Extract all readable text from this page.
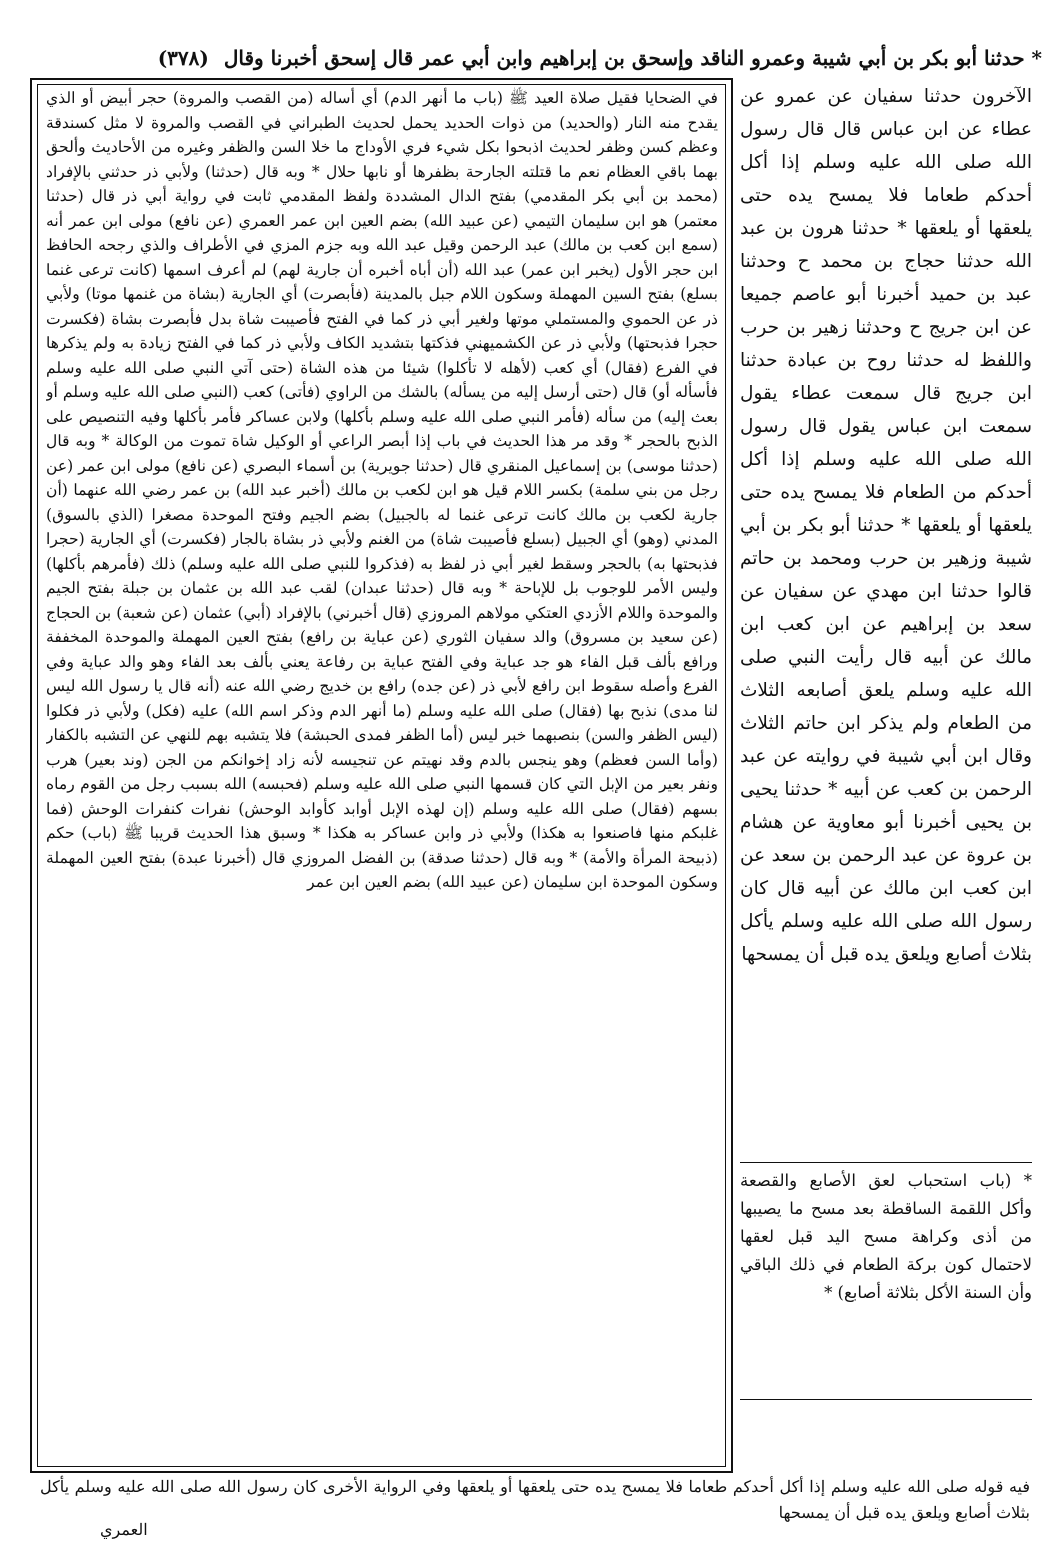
* حدثنا أبو بكر بن أبي شيبة وعمرو الناقد وإسحق بن إبراهيم وابن أبي عمر قال إسحق أخبرنا وقال (٣٧٨)

في الضحايا فقيل صلاة العيد ﷺ (باب ما أنهر الدم) أي أساله (من القصب والمروة) حجر أبيض أو الذي يقدح منه النار (والحديد) من ذوات الحديد يحمل لحديث الطبراني في القصب والمروة لا مثل كسندقة وعظم كسن وظفر لحديث اذبحوا بكل شيء فري الأوداج ما خلا السن والظفر وغيره من الأحاديث وألحق بهما باقي العظام نعم ما قتلته الجارحة بظفرها أو نابها حلال * وبه قال (حدثنا) ولأبي ذر حدثني بالإفراد (محمد بن أبي بكر المقدمي) بفتح الدال المشددة ولفظ المقدمي ثابت في رواية أبي ذر قال (حدثنا معتمر) هو ابن سليمان التيمي (عن عبيد الله) بضم العين ابن عمر العمري (عن نافع) مولى ابن عمر أنه (سمع ابن كعب بن مالك) عبد الرحمن وقيل عبد الله وبه جزم المزي في الأطراف والذي رجحه الحافظ ابن حجر الأول (يخبر ابن عمر) عبد الله (أن أباه أخبره أن جارية لهم) لم أعرف اسمها (كانت ترعى غنما بسلع) بفتح السين المهملة وسكون اللام جبل بالمدينة (فأبصرت) أي الجارية (بشاة من غنمها موتا) ولأبي ذر عن الحموي والمستملي موتها ولغير أبي ذر كما في الفتح فأصيبت شاة بدل فأبصرت بشاة (فكسرت حجرا فذبحتها) ولأبي ذر عن الكشميهني فذكتها بتشديد الكاف ولأبي ذر كما في الفتح زيادة به ولم يذكرها في الفرع (فقال) أي كعب (لأهله لا تأكلوا) شيئا من هذه الشاة (حتى آتي النبي صلى الله عليه وسلم فأسأله أو) قال (حتى أرسل إليه من يسأله) بالشك من الراوي (فأتى) كعب (النبي صلى الله عليه وسلم أو بعث إليه) من سأله (فأمر النبي صلى الله عليه وسلم بأكلها) ولابن عساكر فأمر بأكلها وفيه التنصيص على الذبح بالحجر * وقد مر هذا الحديث في باب إذا أبصر الراعي أو الوكيل شاة تموت من الوكالة * وبه قال (حدثنا موسى) بن إسماعيل المنقري قال (حدثنا جويرية) بن أسماء البصري (عن نافع) مولى ابن عمر (عن رجل من بني سلمة) بكسر اللام قيل هو ابن لكعب بن مالك (أخبر عبد الله) بن عمر رضي الله عنهما (أن جارية لكعب بن مالك كانت ترعى غنما له بالجبيل) بضم الجيم وفتح الموحدة مصغرا (الذي بالسوق) المدني (وهو) أي الجبيل (بسلع فأصيبت شاة) من الغنم ولأبي ذر بشاة بالجار (فكسرت) أي الجارية (حجرا فذبحتها به) بالحجر وسقط لغير أبي ذر لفظ به (فذكروا للنبي صلى الله عليه وسلم) ذلك (فأمرهم بأكلها) وليس الأمر للوجوب بل للإباحة * وبه قال (حدثنا عبدان) لقب عبد الله بن عثمان بن جبلة بفتح الجيم والموحدة واللام الأزدي العتكي مولاهم المروزي (قال أخبرني) بالإفراد (أبي) عثمان (عن شعبة) بن الحجاج (عن سعيد بن مسروق) والد سفيان الثوري (عن عباية بن رافع) بفتح العين المهملة والموحدة المخففة ورافع بألف قبل الفاء هو جد عباية وفي الفتح عباية بن رفاعة يعني بألف بعد الفاء وهو والد عباية وفي الفرع وأصله سقوط ابن رافع لأبي ذر (عن جده) رافع بن خديج رضي الله عنه (أنه قال يا رسول الله ليس لنا مدى) نذبح بها (فقال) صلى الله عليه وسلم (ما أنهر الدم وذكر اسم الله) عليه (فكل) ولأبي ذر فكلوا (ليس الظفر والسن) بنصبهما خبر ليس (أما الظفر فمدى الحبشة) فلا يتشبه بهم للنهي عن التشبه بالكفار (وأما السن فعظم) وهو ينجس بالدم وقد نهيتم عن تنجيسه لأنه زاد إخوانكم من الجن (وند بعير) هرب ونفر بعير من الإبل التي كان قسمها النبي صلى الله عليه وسلم (فحبسه) الله بسبب رجل من القوم رماه بسهم (فقال) صلى الله عليه وسلم (إن لهذه الإبل أوابد كأوابد الوحش) نفرات كنفرات الوحش (فما غلبكم منها فاصنعوا به هكذا) ولأبي ذر وابن عساكر به هكذا * وسبق هذا الحديث قريبا ﷺ (باب) حكم (ذبيحة المرأة والأمة) * وبه قال (حدثنا صدقة) بن الفضل المروزي قال (أخبرنا عبدة) بفتح العين المهملة وسكون الموحدة ابن سليمان (عن عبيد الله) بضم العين ابن عمر

الآخرون حدثنا سفيان عن عمرو عن عطاء عن ابن عباس قال قال رسول الله صلى الله عليه وسلم إذا أكل أحدكم طعاما فلا يمسح يده حتى يلعقها أو يلعقها * حدثنا هرون بن عبد الله حدثنا حجاج بن محمد ح وحدثنا عبد بن حميد أخبرنا أبو عاصم جميعا عن ابن جريج ح وحدثنا زهير بن حرب واللفظ له حدثنا روح بن عبادة حدثنا ابن جريج قال سمعت عطاء يقول سمعت ابن عباس يقول قال رسول الله صلى الله عليه وسلم إذا أكل أحدكم من الطعام فلا يمسح يده حتى يلعقها أو يلعقها * حدثنا أبو بكر بن أبي شيبة وزهير بن حرب ومحمد بن حاتم قالوا حدثنا ابن مهدي عن سفيان عن سعد بن إبراهيم عن ابن كعب ابن مالك عن أبيه قال رأيت النبي صلى الله عليه وسلم يلعق أصابعه الثلاث من الطعام ولم يذكر ابن حاتم الثلاث وقال ابن أبي شيبة في روايته عن عبد الرحمن بن كعب عن أبيه * حدثنا يحيى بن يحيى أخبرنا أبو معاوية عن هشام بن عروة عن عبد الرحمن بن سعد عن ابن كعب ابن مالك عن أبيه قال كان رسول الله صلى الله عليه وسلم يأكل بثلاث أصابع ويلعق يده قبل أن يمسحها

* (باب استحباب لعق الأصابع والقصعة وأكل اللقمة الساقطة بعد مسح ما يصيبها من أذى وكراهة مسح اليد قبل لعقها لاحتمال كون بركة الطعام في ذلك الباقي وأن السنة الأكل بثلاثة أصابع) *

فيه قوله صلى الله عليه وسلم إذا أكل أحدكم طعاما فلا يمسح يده حتى يلعقها أو يلعقها وفي الرواية الأخرى كان رسول الله صلى الله عليه وسلم يأكل بثلاث أصابع ويلعق يده قبل أن يمسحها
العمري
